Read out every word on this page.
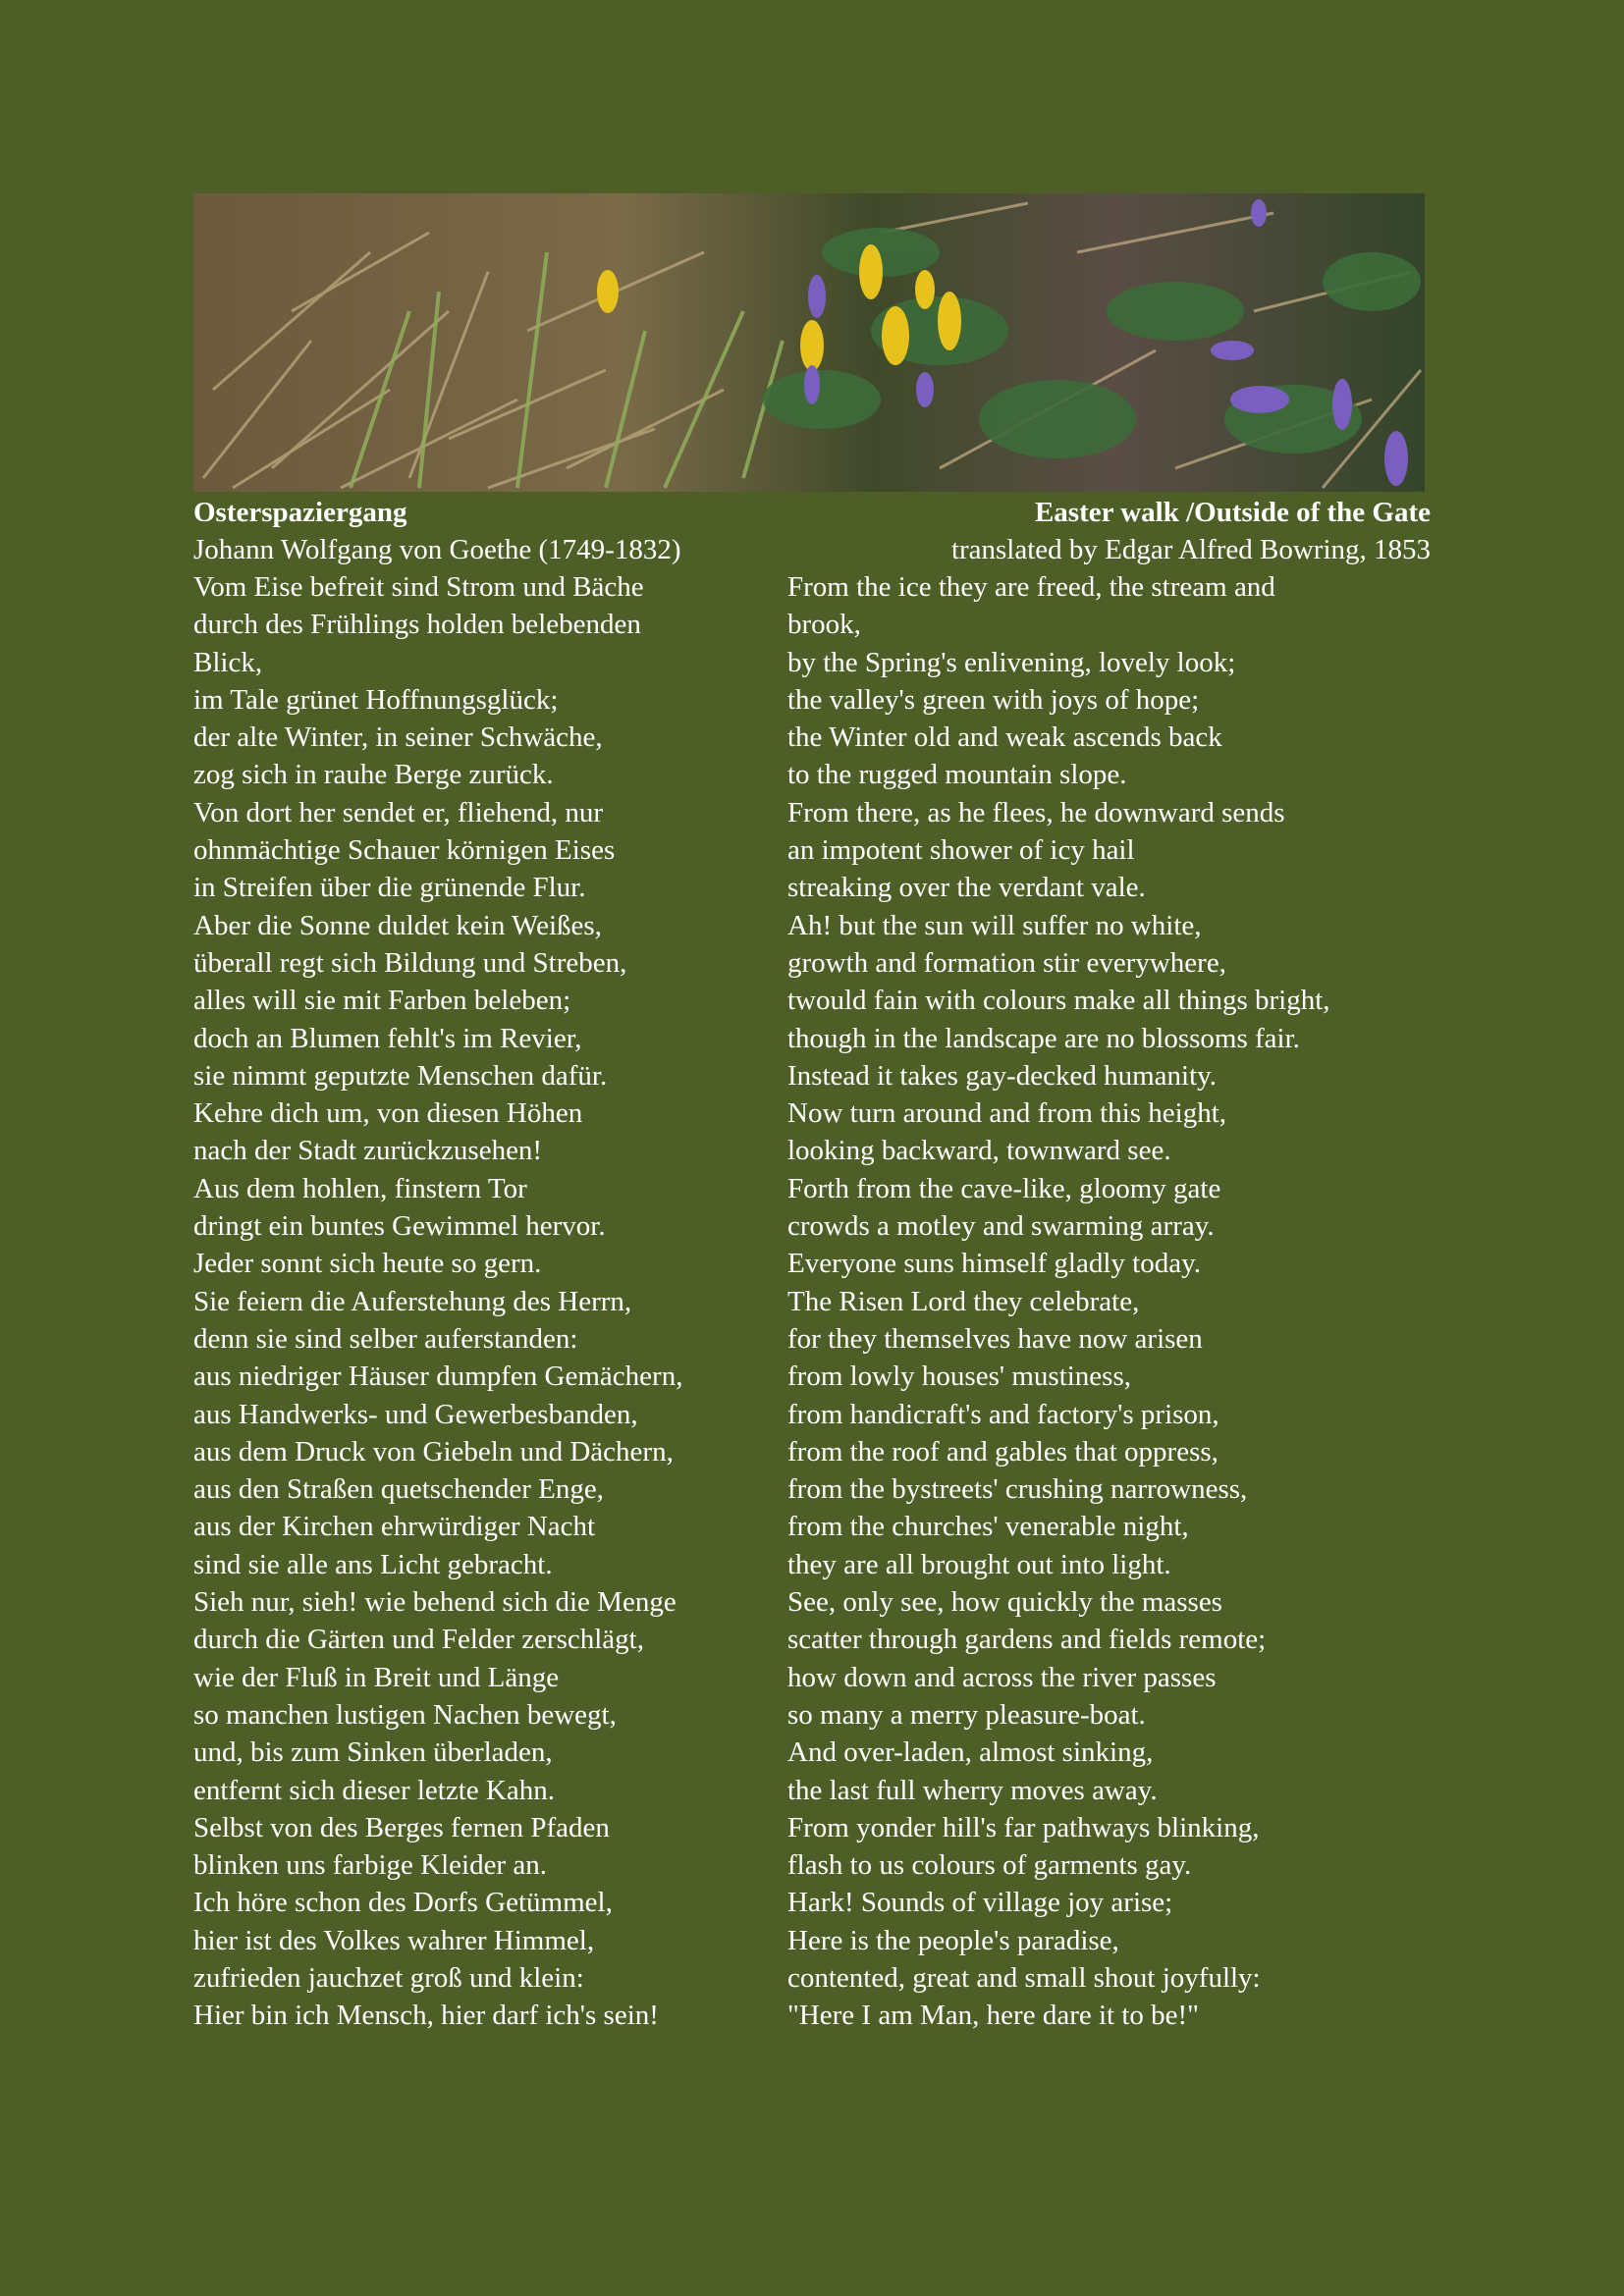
Osterspaziergang	Easter walk /Outside of the Gate
Johann Wolfgang von Goethe (1749-1832)	translated by Edgar Alfred Bowring, 1853
Vom Eise befreit sind Strom und Bäche
durch des Frühlings holden belebenden
Blick,
im Tale grünet Hoffnungsglück;
der alte Winter, in seiner Schwäche,
zog sich in rauhe Berge zurück.
Von dort her sendet er, fliehend, nur
ohnmächtige Schauer körnigen Eises
in Streifen über die grünende Flur.
Aber die Sonne duldet kein Weißes,
überall regt sich Bildung und Streben,
alles will sie mit Farben beleben;
doch an Blumen fehlt's im Revier,
sie nimmt geputzte Menschen dafür.
Kehre dich um, von diesen Höhen
nach der Stadt zurückzusehen!
Aus dem hohlen, finstern Tor
dringt ein buntes Gewimmel hervor.
Jeder sonnt sich heute so gern.
Sie feiern die Auferstehung des Herrn,
denn sie sind selber auferstanden:
aus niedriger Häuser dumpfen Gemächern,
aus Handwerks- und Gewerbesbanden,
aus dem Druck von Giebeln und Dächern,
aus den Straßen quetschender Enge,
aus der Kirchen ehrwürdiger Nacht
sind sie alle ans Licht gebracht.
Sieh nur, sieh! wie behend sich die Menge
durch die Gärten und Felder zerschlägt,
wie der Fluß in Breit und Länge
so manchen lustigen Nachen bewegt,
und, bis zum Sinken überladen,
entfernt sich dieser letzte Kahn.
Selbst von des Berges fernen Pfaden
blinken uns farbige Kleider an.
Ich höre schon des Dorfs Getümmel,
hier ist des Volkes wahrer Himmel,
zufrieden jauchzet groß und klein:
Hier bin ich Mensch, hier darf ich's sein!
From the ice they are freed, the stream and
brook,
by the Spring's enlivening, lovely look;
the valley's green with joys of hope;
the Winter old and weak ascends back
to the rugged mountain slope.
From there, as he flees, he downward sends
an impotent shower of icy hail
streaking over the verdant vale.
Ah! but the sun will suffer no white,
growth and formation stir everywhere,
twould fain with colours make all things bright,
though in the landscape are no blossoms fair.
Instead it takes gay-decked humanity.
Now turn around and from this height,
looking backward, townward see.
Forth from the cave-like, gloomy gate
crowds a motley and swarming array.
Everyone suns himself gladly today.
The Risen Lord they celebrate,
for they themselves have now arisen
from lowly houses' mustiness,
from handicraft's and factory's prison,
from the roof and gables that oppress,
from the bystreets' crushing narrowness,
from the churches' venerable night,
they are all brought out into light.
See, only see, how quickly the masses
scatter through gardens and fields remote;
how down and across the river passes
so many a merry pleasure-boat.
And over-laden, almost sinking,
the last full wherry moves away.
From yonder hill's far pathways blinking,
flash to us colours of garments gay.
Hark! Sounds of village joy arise;
Here is the people's paradise,
contented, great and small shout joyfully:
"Here I am Man, here dare it to be!"
